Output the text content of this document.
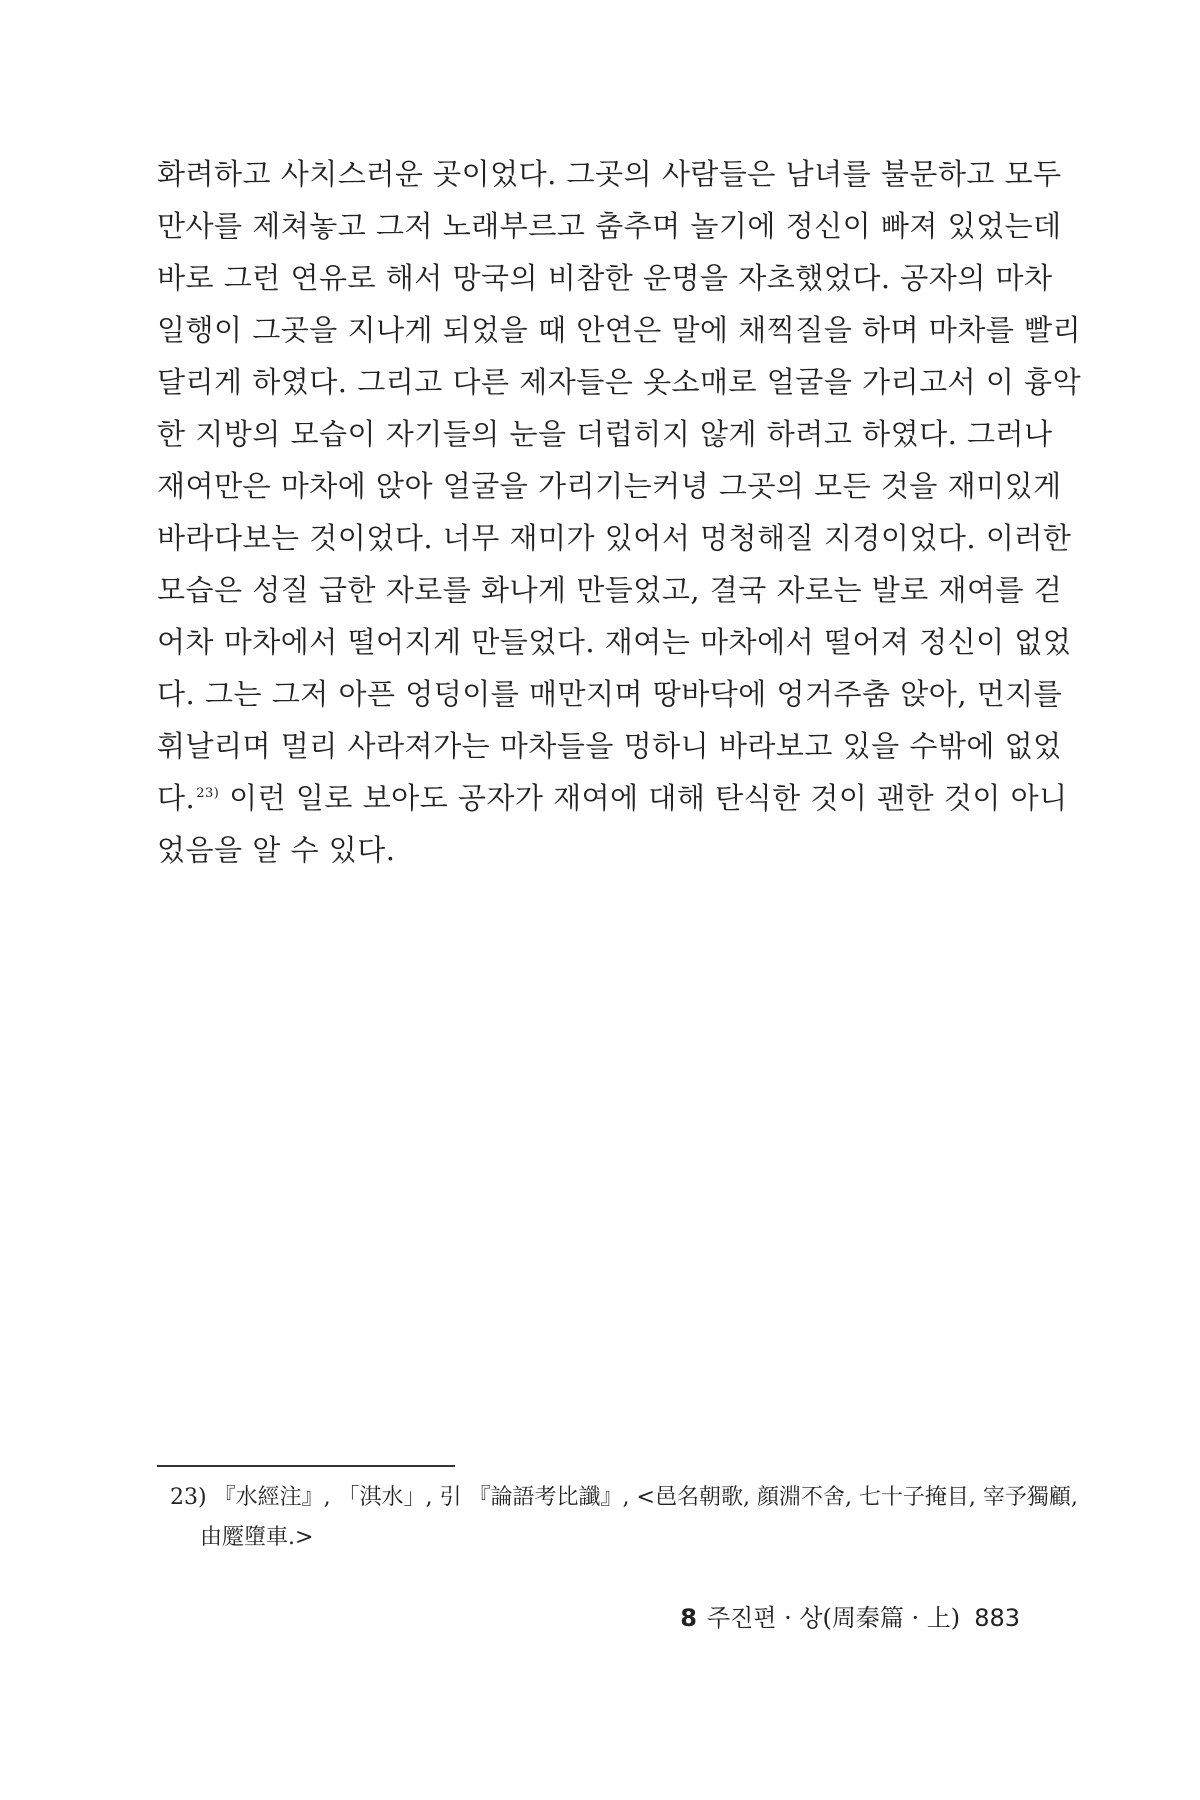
화려하고 사치스러운 곳이었다. 그곳의 사람들은 남녀를 불문하고 모두
만사를 제쳐놓고 그저 노래부르고 춤추며 놀기에 정신이 빠져 있었는데
바로 그런 연유로 해서 망국의 비참한 운명을 자초했었다. 공자의 마차
일행이 그곳을 지나게 되었을 때 안연은 말에 채찍질을 하며 마차를 빨리
달리게 하였다. 그리고 다른 제자들은 옷소매로 얼굴을 가리고서 이 흉악
한 지방의 모습이 자기들의 눈을 더럽히지 않게 하려고 하였다. 그러나
재여만은 마차에 앉아 얼굴을 가리기는커녕 그곳의 모든 것을 재미있게
바라다보는 것이었다. 너무 재미가 있어서 멍청해질 지경이었다. 이러한
모습은 성질 급한 자로를 화나게 만들었고, 결국 자로는 발로 재여를 걷
어차 마차에서 떨어지게 만들었다. 재여는 마차에서 떨어져 정신이 없었
다. 그는 그저 아픈 엉덩이를 매만지며 땅바닥에 엉거주춤 앉아, 먼지를
휘날리며 멀리 사라져가는 마차들을 멍하니 바라보고 있을 수밖에 없었
다.$^{23)}$ 이런 일로 보아도 공자가 재여에 대해 탄식한 것이 괜한 것이 아니
었음을 알 수 있다.
23) 『水經注』, 「淇水」, 引 『論語考比讖』, <邑名朝歌, 顔淵不舍, 七十子掩目, 宰予獨顧,
由蹷墮車.>
8 주진편 · 상(周秦篇 · 上) 883
